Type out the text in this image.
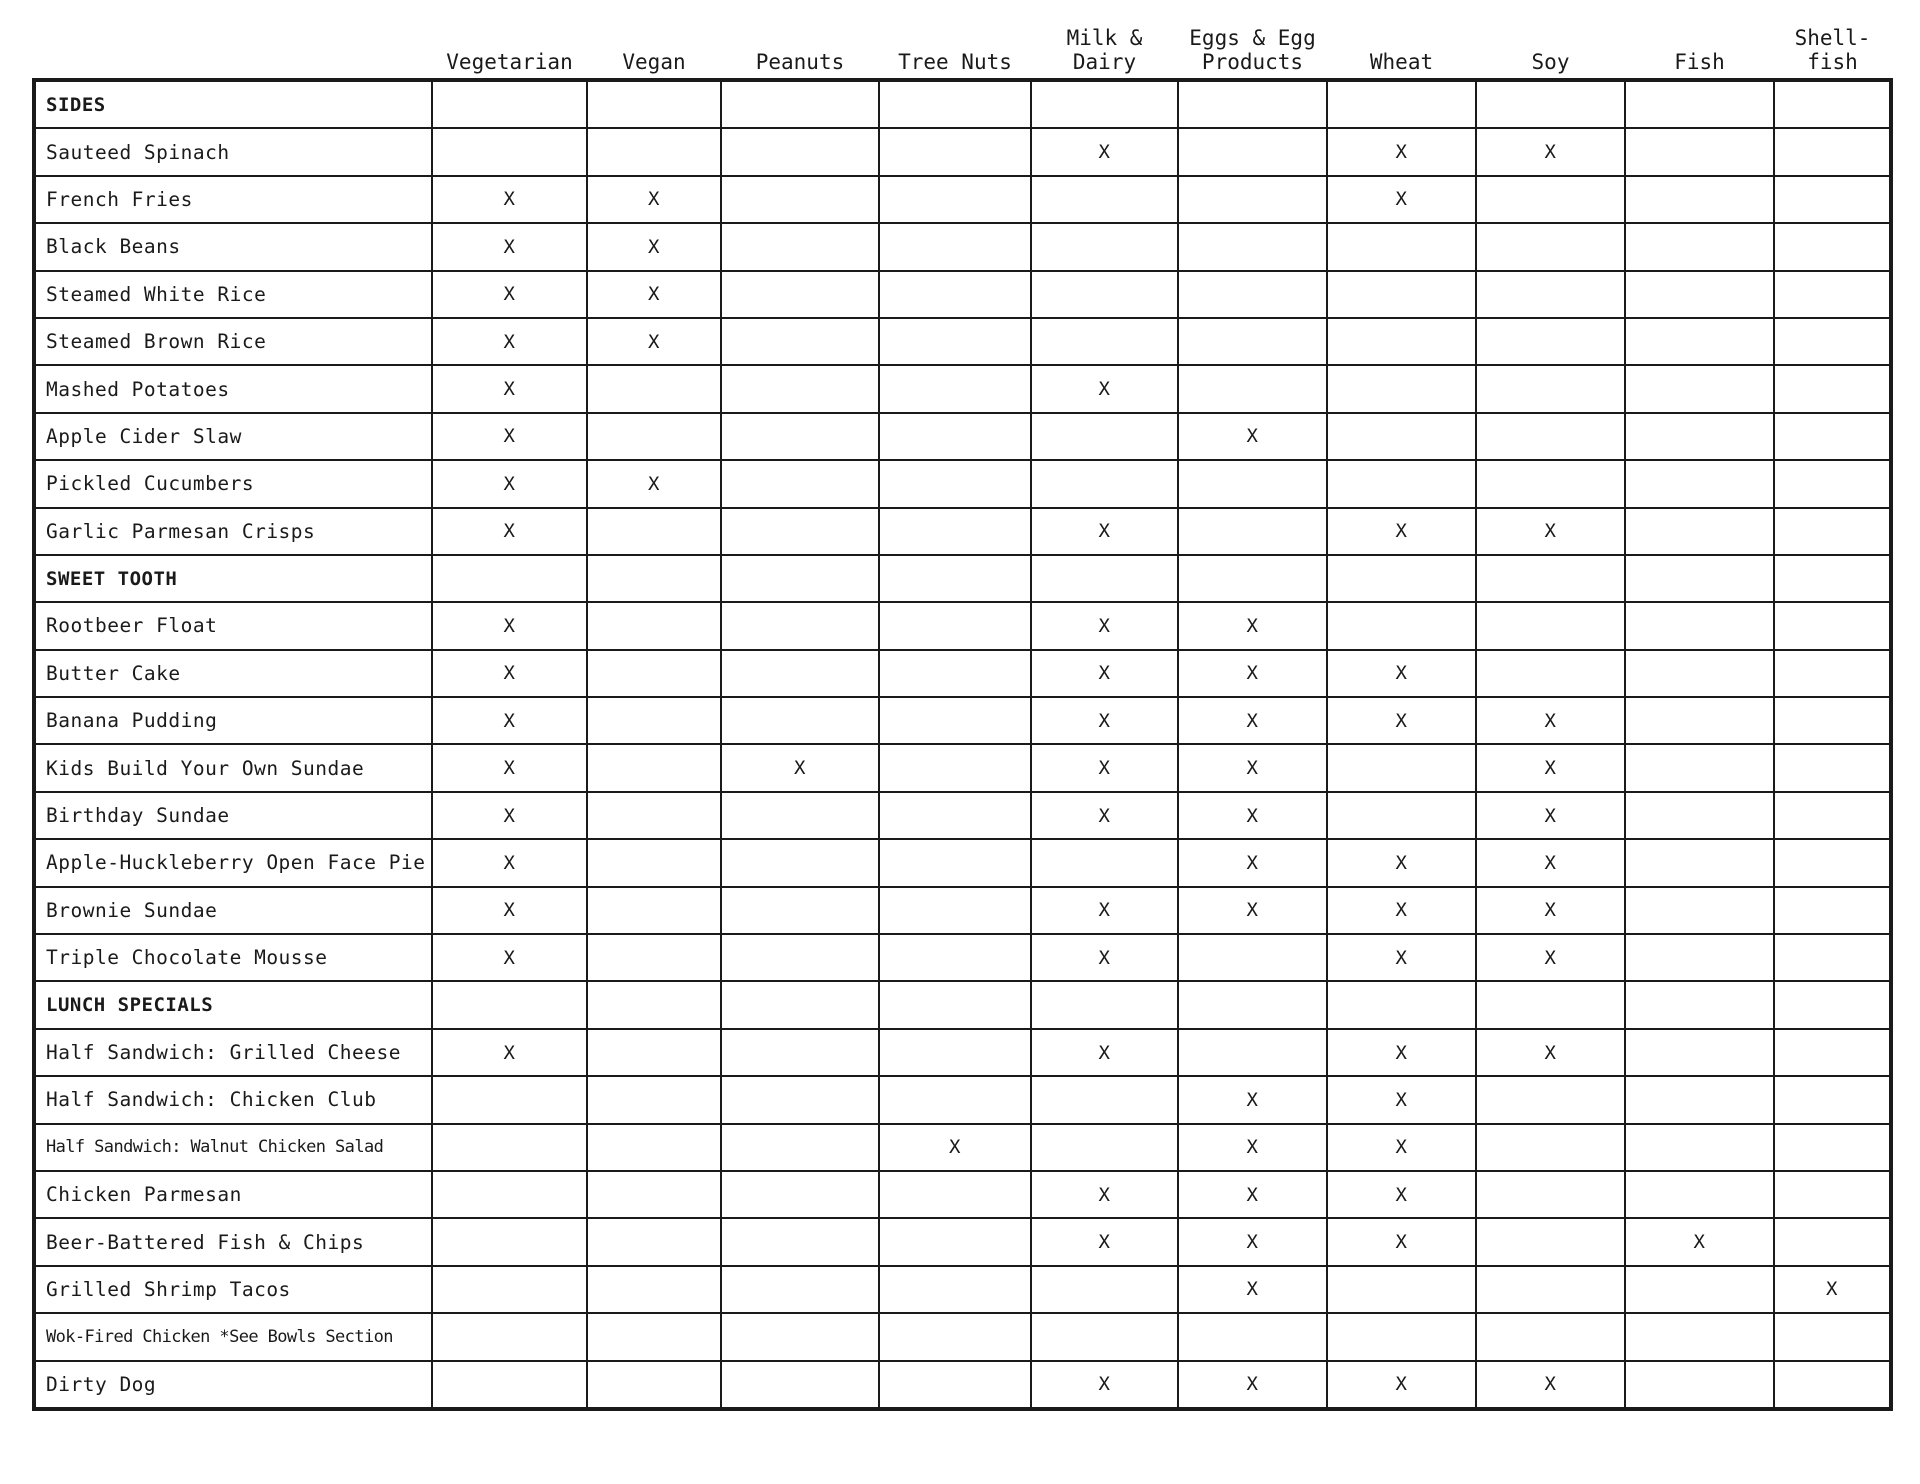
	Vegetarian	Vegan	Peanuts	Tree Nuts	Milk &
Dairy	Eggs & Egg
Products	Wheat	Soy	Fish	Shell-
fish
SIDES										
Sauteed Spinach					X		X	X		
French Fries	X	X					X			
Black Beans	X	X								
Steamed White Rice	X	X								
Steamed Brown Rice	X	X								
Mashed Potatoes	X				X					
Apple Cider Slaw	X					X				
Pickled Cucumbers	X	X								
Garlic Parmesan Crisps	X				X		X	X		
SWEET TOOTH										
Rootbeer Float	X				X	X				
Butter Cake	X				X	X	X			
Banana Pudding	X				X	X	X	X		
Kids Build Your Own Sundae	X		X		X	X		X		
Birthday Sundae	X				X	X		X		
Apple-Huckleberry Open Face Pie	X					X	X	X		
Brownie Sundae	X				X	X	X	X		
Triple Chocolate Mousse	X				X		X	X		
LUNCH SPECIALS										
Half Sandwich: Grilled Cheese	X				X		X	X		
Half Sandwich: Chicken Club						X	X			
Half Sandwich: Walnut Chicken Salad				X		X	X			
Chicken Parmesan					X	X	X			
Beer-Battered Fish & Chips					X	X	X		X	
Grilled Shrimp Tacos						X				X
Wok-Fired Chicken *See Bowls Section										
Dirty Dog					X	X	X	X		
